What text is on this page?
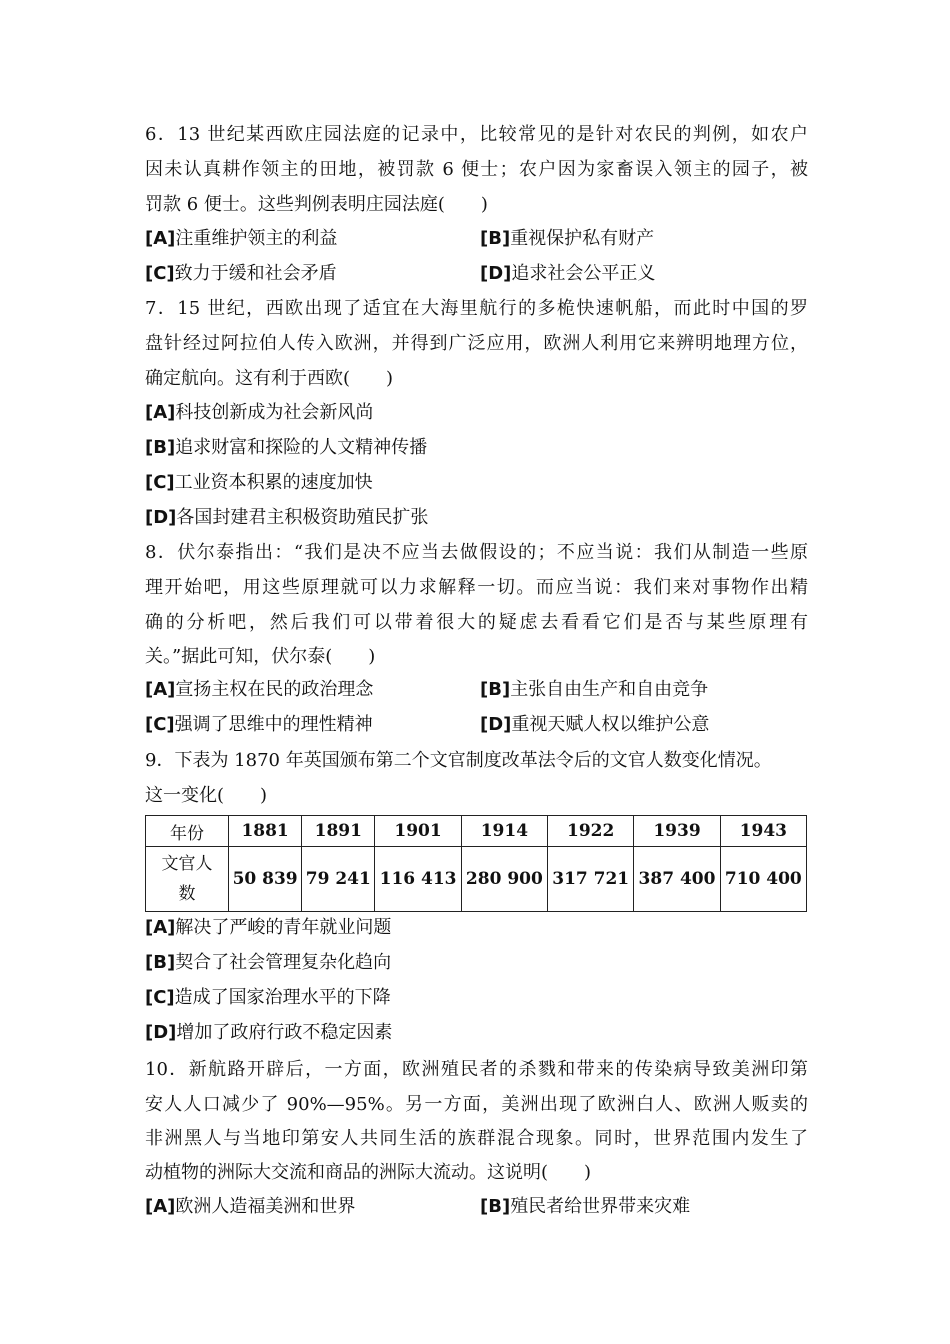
6．13 世纪某西欧庄园法庭的记录中，比较常见的是针对农民的判例，如农户
因未认真耕作领主的田地，被罚款 6 便士；农户因为家畜误入领主的园子，被
罚款 6 便士。这些判例表明庄园法庭(　　)
[A]注重维护领主的利益	[B]重视保护私有财产
[C]致力于缓和社会矛盾	[D]追求社会公平正义
7．15 世纪，西欧出现了适宜在大海里航行的多桅快速帆船，而此时中国的罗
盘针经过阿拉伯人传入欧洲，并得到广泛应用，欧洲人利用它来辨明地理方位，
确定航向。这有利于西欧(　　)
[A]科技创新成为社会新风尚
[B]追求财富和探险的人文精神传播
[C]工业资本积累的速度加快
[D]各国封建君主积极资助殖民扩张
8．伏尔泰指出：“我们是决不应当去做假设的；不应当说：我们从制造一些原
理开始吧，用这些原理就可以力求解释一切。而应当说：我们来对事物作出精
确的分析吧，然后我们可以带着很大的疑虑去看看它们是否与某些原理有
关。”据此可知，伏尔泰(　　)
[A]宣扬主权在民的政治理念	[B]主张自由生产和自由竞争
[C]强调了思维中的理性精神	[D]重视天赋人权以维护公意
9．下表为 1870 年英国颁布第二个文官制度改革法令后的文官人数变化情况。
这一变化(　　)
年份	1881	1891	1901	1914	1922	1939	1943
文官人
数	50 839	79 241	116 413	280 900	317 721	387 400	710 400
[A]解决了严峻的青年就业问题
[B]契合了社会管理复杂化趋向
[C]造成了国家治理水平的下降
[D]增加了政府行政不稳定因素
10．新航路开辟后，一方面，欧洲殖民者的杀戮和带来的传染病导致美洲印第
安人人口减少了 90%—95%。另一方面，美洲出现了欧洲白人、欧洲人贩卖的
非洲黑人与当地印第安人共同生活的族群混合现象。同时，世界范围内发生了
动植物的洲际大交流和商品的洲际大流动。这说明(　　)
[A]欧洲人造福美洲和世界	[B]殖民者给世界带来灾难
